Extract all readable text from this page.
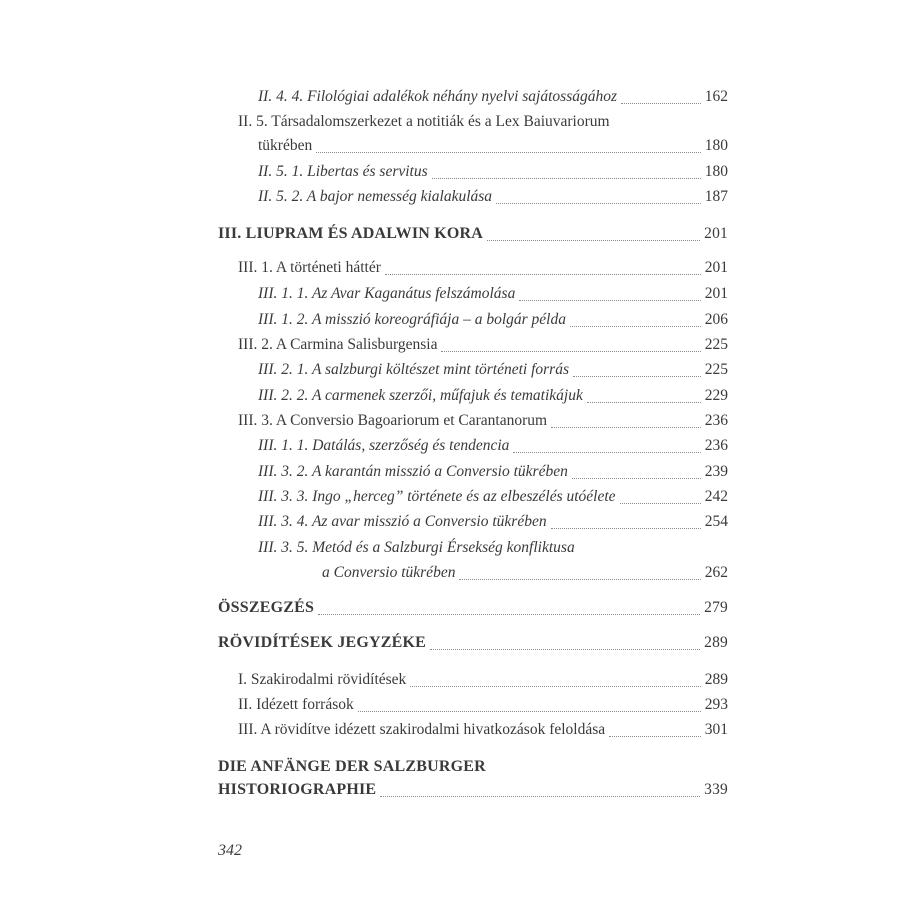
II. 4. 4. Filológiai adalékok néhány nyelvi sajátosságához	162
II. 5. Társadalomszerkezet a notitiák és a Lex Baiuvariorum
tükrében	180
II. 5. 1. Libertas és servitus	180
II. 5. 2. A bajor nemesség kialakulása	187
III. LIUPRAM ÉS ADALWIN KORA	201
III. 1. A történeti háttér	201
III. 1. 1. Az Avar Kaganátus felszámolása	201
III. 1. 2. A misszió koreográfiája – a bolgár példa	206
III. 2. A Carmina Salisburgensia	225
III. 2. 1. A salzburgi költészet mint történeti forrás	225
III. 2. 2. A carmenek szerzői, műfajuk és tematikájuk	229
III. 3. A Conversio Bagoariorum et Carantanorum	236
III. 1. 1. Datálás, szerzőség és tendencia	236
III. 3. 2. A karantán misszió a Conversio tükrében	239
III. 3. 3. Ingo „herceg” története és az elbeszélés utóélete	242
III. 3. 4. Az avar misszió a Conversio tükrében	254
III. 3. 5. Metód és a Salzburgi Érsekség konfliktusa
a Conversio tükrében	262
ÖSSZEGZÉS	279
RÖVIDÍTÉSEK JEGYZÉKE	289
I. Szakirodalmi rövidítések	289
II. Idézett források	293
III. A rövidítve idézett szakirodalmi hivatkozások feloldása	301
DIE ANFÄNGE DER SALZBURGER
HISTORIOGRAPHIE	339
342
